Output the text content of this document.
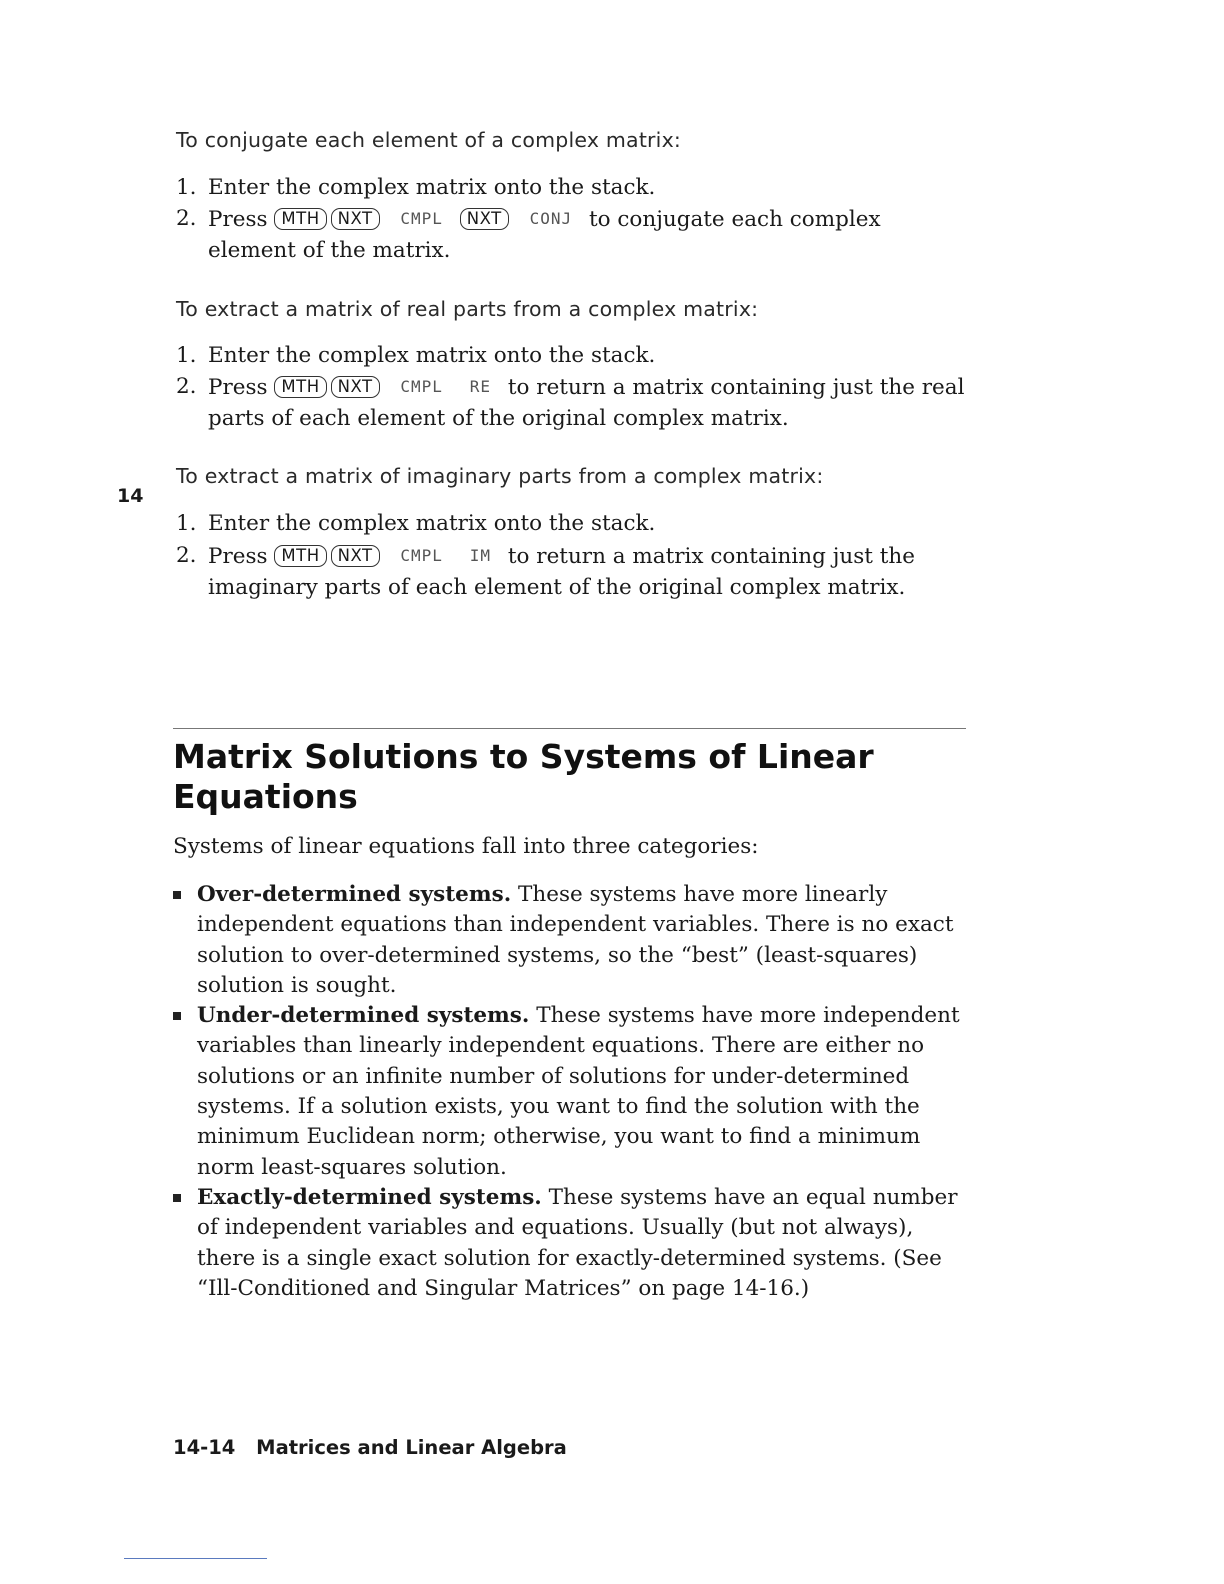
To conjugate each element of a complex matrix:
1. Enter the complex matrix onto the stack.
2. Press MTH NXT CMPL NXT CONJ to conjugate each complex element of the matrix.
To extract a matrix of real parts from a complex matrix:
1. Enter the complex matrix onto the stack.
2. Press MTH NXT CMPL RE to return a matrix containing just the real parts of each element of the original complex matrix.
14
To extract a matrix of imaginary parts from a complex matrix:
1. Enter the complex matrix onto the stack.
2. Press MTH NXT CMPL IM to return a matrix containing just the imaginary parts of each element of the original complex matrix.
Matrix Solutions to Systems of Linear Equations

Systems of linear equations fall into three categories:

Over-determined systems. These systems have more linearly independent equations than independent variables. There is no exact solution to over-determined systems, so the “best” (least-squares) solution is sought.
Under-determined systems. These systems have more independent variables than linearly independent equations. There are either no solutions or an infinite number of solutions for under-determined systems. If a solution exists, you want to find the solution with the minimum Euclidean norm; otherwise, you want to find a minimum norm least-squares solution.
Exactly-determined systems. These systems have an equal number of independent variables and equations. Usually (but not always), there is a single exact solution for exactly-determined systems. (See “Ill-Conditioned and Singular Matrices” on page 14-16.)
14-14 Matrices and Linear Algebra
